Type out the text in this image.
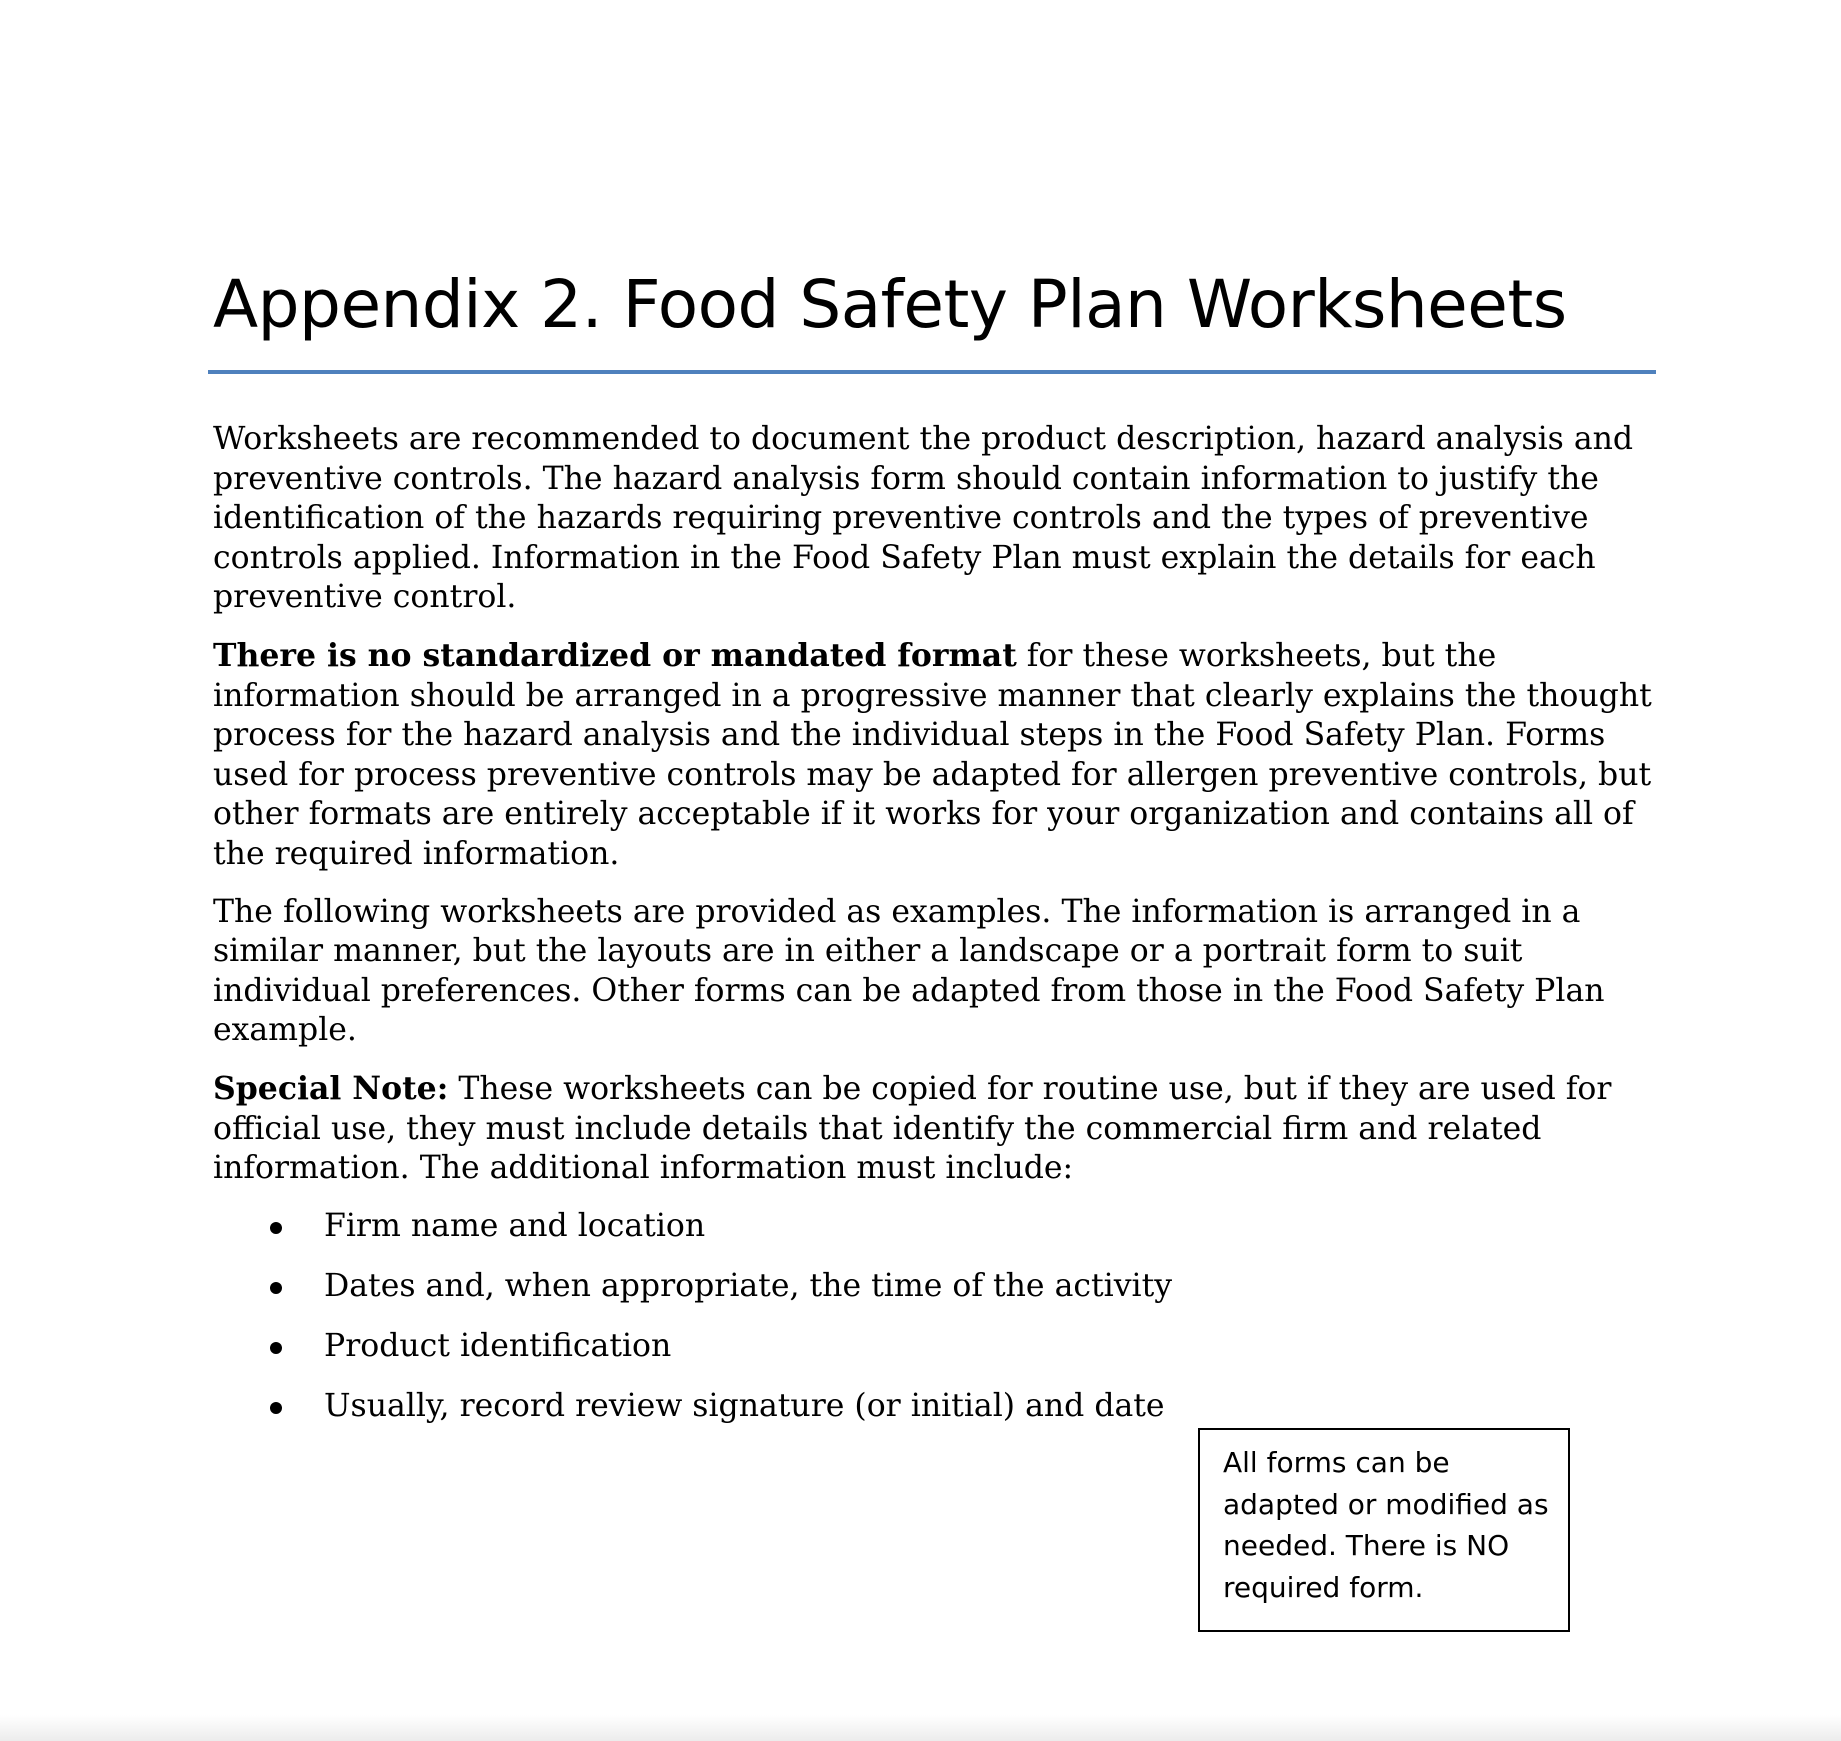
Appendix 2. Food Safety Plan Worksheets

Worksheets are recommended to document the product description, hazard analysis and preventive controls. The hazard analysis form should contain information to justify the identification of the hazards requiring preventive controls and the types of preventive controls applied. Information in the Food Safety Plan must explain the details for each preventive control.

There is no standardized or mandated format for these worksheets, but the information should be arranged in a progressive manner that clearly explains the thought process for the hazard analysis and the individual steps in the Food Safety Plan. Forms used for process preventive controls may be adapted for allergen preventive controls, but other formats are entirely acceptable if it works for your organization and contains all of the required information.

The following worksheets are provided as examples. The information is arranged in a similar manner, but the layouts are in either a landscape or a portrait form to suit individual preferences. Other forms can be adapted from those in the Food Safety Plan example.

Special Note: These worksheets can be copied for routine use, but if they are used for official use, they must include details that identify the commercial firm and related information. The additional information must include:

Firm name and location
Dates and, when appropriate, the time of the activity
Product identification
Usually, record review signature (or initial) and date
All forms can be adapted or modified as needed. There is NO required form.
